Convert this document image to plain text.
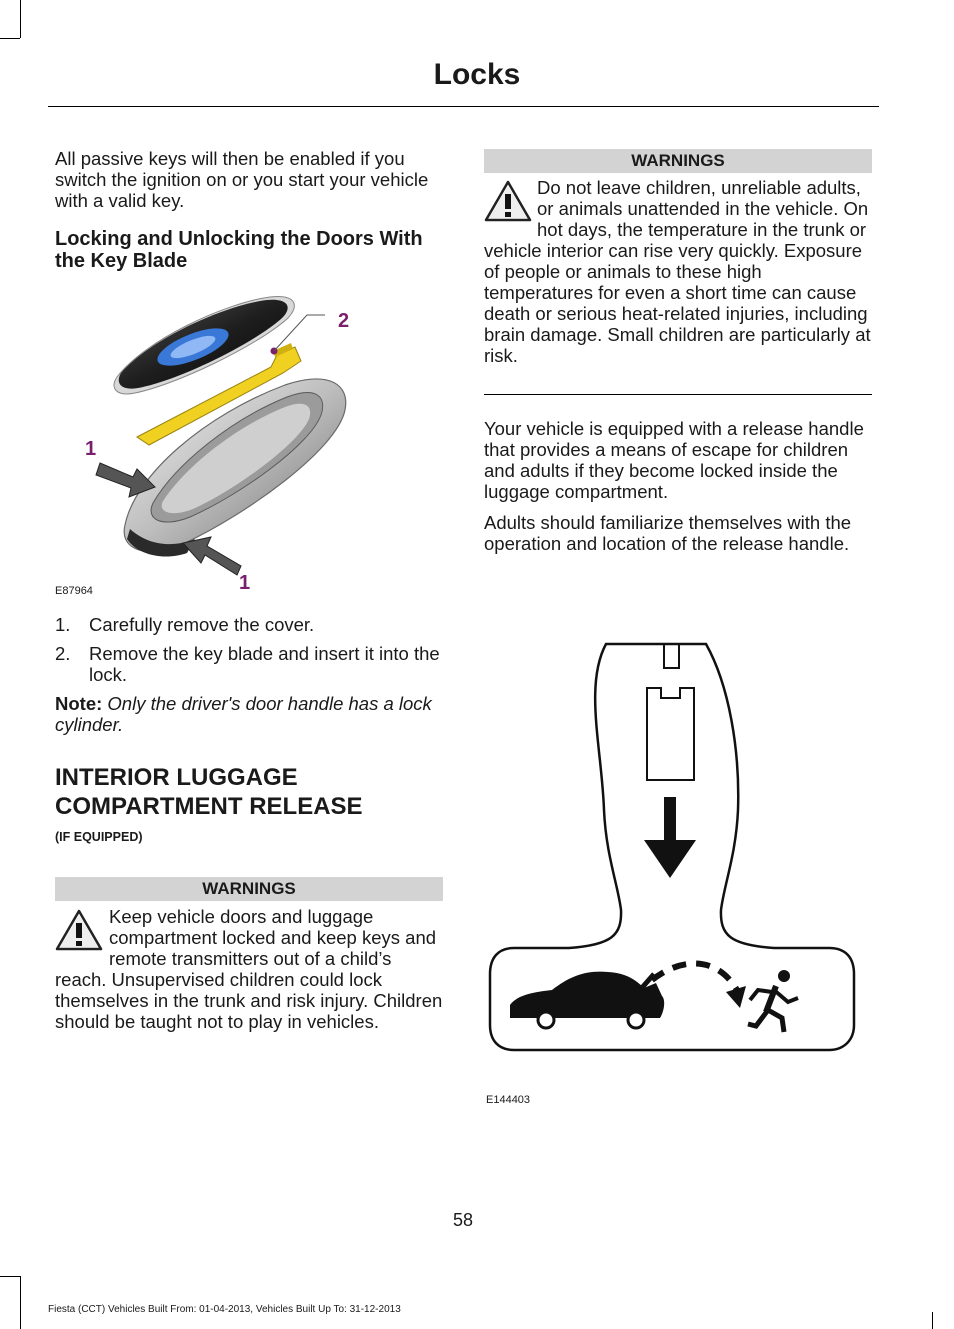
Locks
All passive keys will then be enabled if you switch the ignition on or you start your vehicle with a valid key.
Locking and Unlocking the Doors With the Key Blade
2
1
1
E87964
1.	Carefully remove the cover.
2.	Remove the key blade and insert it into the lock.
Note: Only the driver's door handle has a lock cylinder.
INTERIOR LUGGAGE COMPARTMENT RELEASE
(IF EQUIPPED)
WARNINGS
Keep vehicle doors and luggage compartment locked and keep keys and remote transmitters out of a child’s reach. Unsupervised children could lock themselves in the trunk and risk injury. Children should be taught not to play in vehicles.
WARNINGS
Do not leave children, unreliable adults, or animals unattended in the vehicle. On hot days, the temperature in the trunk or vehicle interior can rise very quickly. Exposure of people or animals to these high temperatures for even a short time can cause death or serious heat-related injuries, including brain damage. Small children are particularly at risk.
Your vehicle is equipped with a release handle that provides a means of escape for children and adults if they become locked inside the luggage compartment.
Adults should familiarize themselves with the operation and location of the release handle.
E144403
58
Fiesta (CCT) Vehicles Built From: 01-04-2013, Vehicles Built Up To: 31-12-2013
